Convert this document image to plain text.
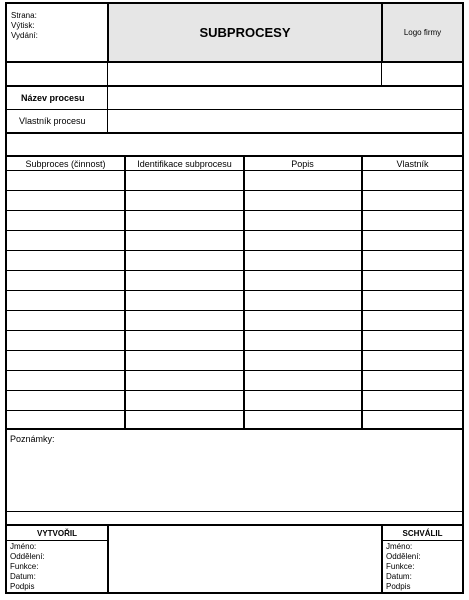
Strana:
Výtisk:
Vydání:	SUBPROCESY	Logo firmy
Název procesu
Vlastník procesu
Subproces (činnost)	Identifikace subprocesu	Popis	Vlastník
Poznámky:
VYTVOŘIL	SCHVÁLIL
Jméno:
Oddělení:
Funkce:
Datum:
Podpis
Jméno:
Oddělení:
Funkce:
Datum:
Podpis
